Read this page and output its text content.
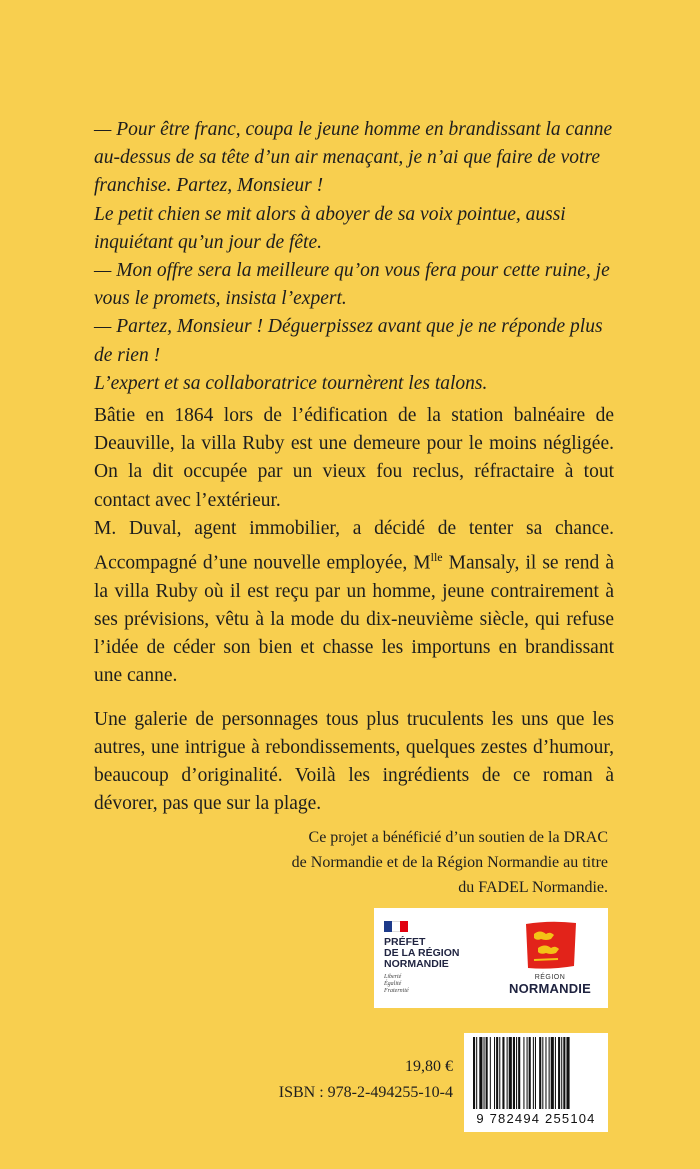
— Pour être franc, coupa le jeune homme en brandissant la canne au-dessus de sa tête d’un air menaçant, je n’ai que faire de votre franchise. Partez, Monsieur !

Le petit chien se mit alors à aboyer de sa voix pointue, aussi inquiétant qu’un jour de fête.

— Mon offre sera la meilleure qu’on vous fera pour cette ruine, je vous le promets, insista l’expert.

— Partez, Monsieur ! Déguerpissez avant que je ne réponde plus de rien !

L’expert et sa collaboratrice tournèrent les talons.

Bâtie en 1864 lors de l’édification de la station balnéaire de Deauville, la villa Ruby est une demeure pour le moins négligée. On la dit occupée par un vieux fou reclus, réfractaire à tout contact avec l’extérieur.

M. Duval, agent immobilier, a décidé de tenter sa chance. Accompagné d’une nouvelle employée, $M^{lle}$ Mansaly, il se rend à la villa Ruby où il est reçu par un homme, jeune contrairement à ses prévisions, vêtu à la mode du dix-neuvième siècle, qui refuse l’idée de céder son bien et chasse les importuns en brandissant une canne.

Une galerie de personnages tous plus truculents les uns que les autres, une intrigue à rebondissements, quelques zestes d’humour, beaucoup d’originalité. Voilà les ingrédients de ce roman à dévorer, pas que sur la plage.

Ce projet a bénéficié d’un soutien de la DRAC
de Normandie et de la Région Normandie au titre
du FADEL Normandie.
PRÉFET
DE LA RÉGION
NORMANDIE
Liberté
Égalité
Fraternité
RÉGION
NORMANDIE
19,80 €
ISBN : 978-2-494255-10-4
9 782494 255104
